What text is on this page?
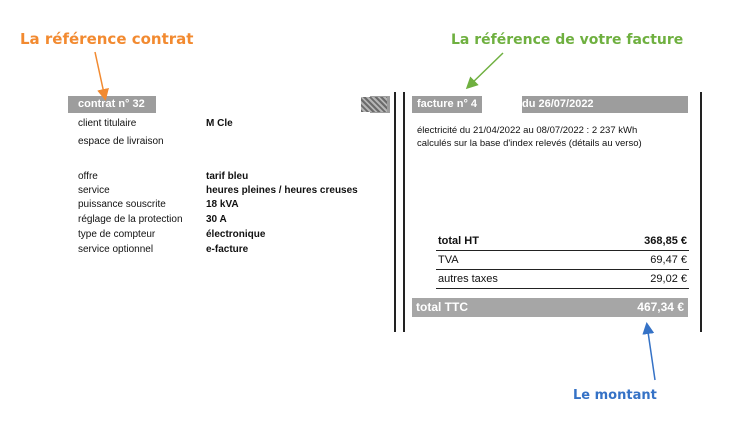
La référence contrat	La référence de votre facture
Le montant
contrat n° 32
client titulaire	M Cle
espace de livraison
offre	tarif bleu
service	heures pleines / heures creuses
puissance souscrite	18 kVA
réglage de la protection 30 A
type de compteur	électronique
service optionnel	e-facture
facture n° 4	du 26/07/2022
électricité du 21/04/2022 au 08/07/2022 : 2 237 kWh
calculés sur la base d'index relevés (détails au verso)
total HT	368,85 €
TVA	69,47 €
autres taxes	29,02 €
total TTC	467,34 €
